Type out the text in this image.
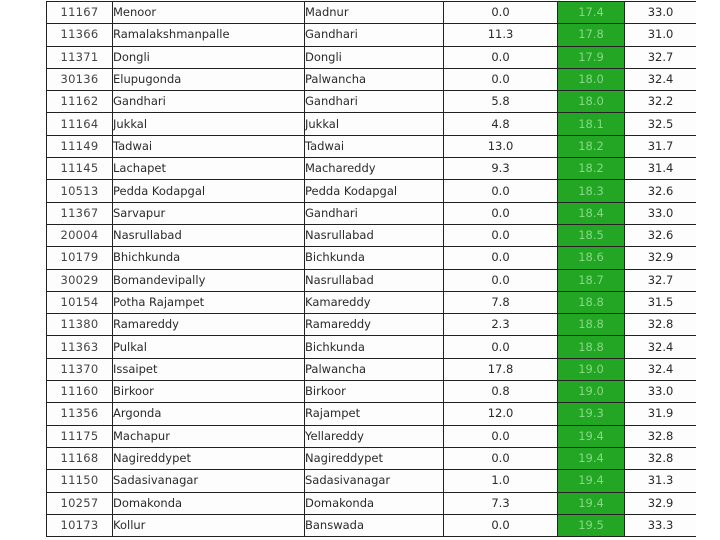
11167	Menoor	Madnur	0.0	17.4	33.0
11366	Ramalakshmanpalle	Gandhari	11.3	17.8	31.0
11371	Dongli	Dongli	0.0	17.9	32.7
30136	Elupugonda	Palwancha	0.0	18.0	32.4
11162	Gandhari	Gandhari	5.8	18.0	32.2
11164	Jukkal	Jukkal	4.8	18.1	32.5
11149	Tadwai	Tadwai	13.0	18.2	31.7
11145	Lachapet	Machareddy	9.3	18.2	31.4
10513	Pedda Kodapgal	Pedda Kodapgal	0.0	18.3	32.6
11367	Sarvapur	Gandhari	0.0	18.4	33.0
20004	Nasrullabad	Nasrullabad	0.0	18.5	32.6
10179	Bhichkunda	Bichkunda	0.0	18.6	32.9
30029	Bomandevipally	Nasrullabad	0.0	18.7	32.7
10154	Potha Rajampet	Kamareddy	7.8	18.8	31.5
11380	Ramareddy	Ramareddy	2.3	18.8	32.8
11363	Pulkal	Bichkunda	0.0	18.8	32.4
11370	Issaipet	Palwancha	17.8	19.0	32.4
11160	Birkoor	Birkoor	0.8	19.0	33.0
11356	Argonda	Rajampet	12.0	19.3	31.9
11175	Machapur	Yellareddy	0.0	19.4	32.8
11168	Nagireddypet	Nagireddypet	0.0	19.4	32.8
11150	Sadasivanagar	Sadasivanagar	1.0	19.4	31.3
10257	Domakonda	Domakonda	7.3	19.4	32.9
10173	Kollur	Banswada	0.0	19.5	33.3
